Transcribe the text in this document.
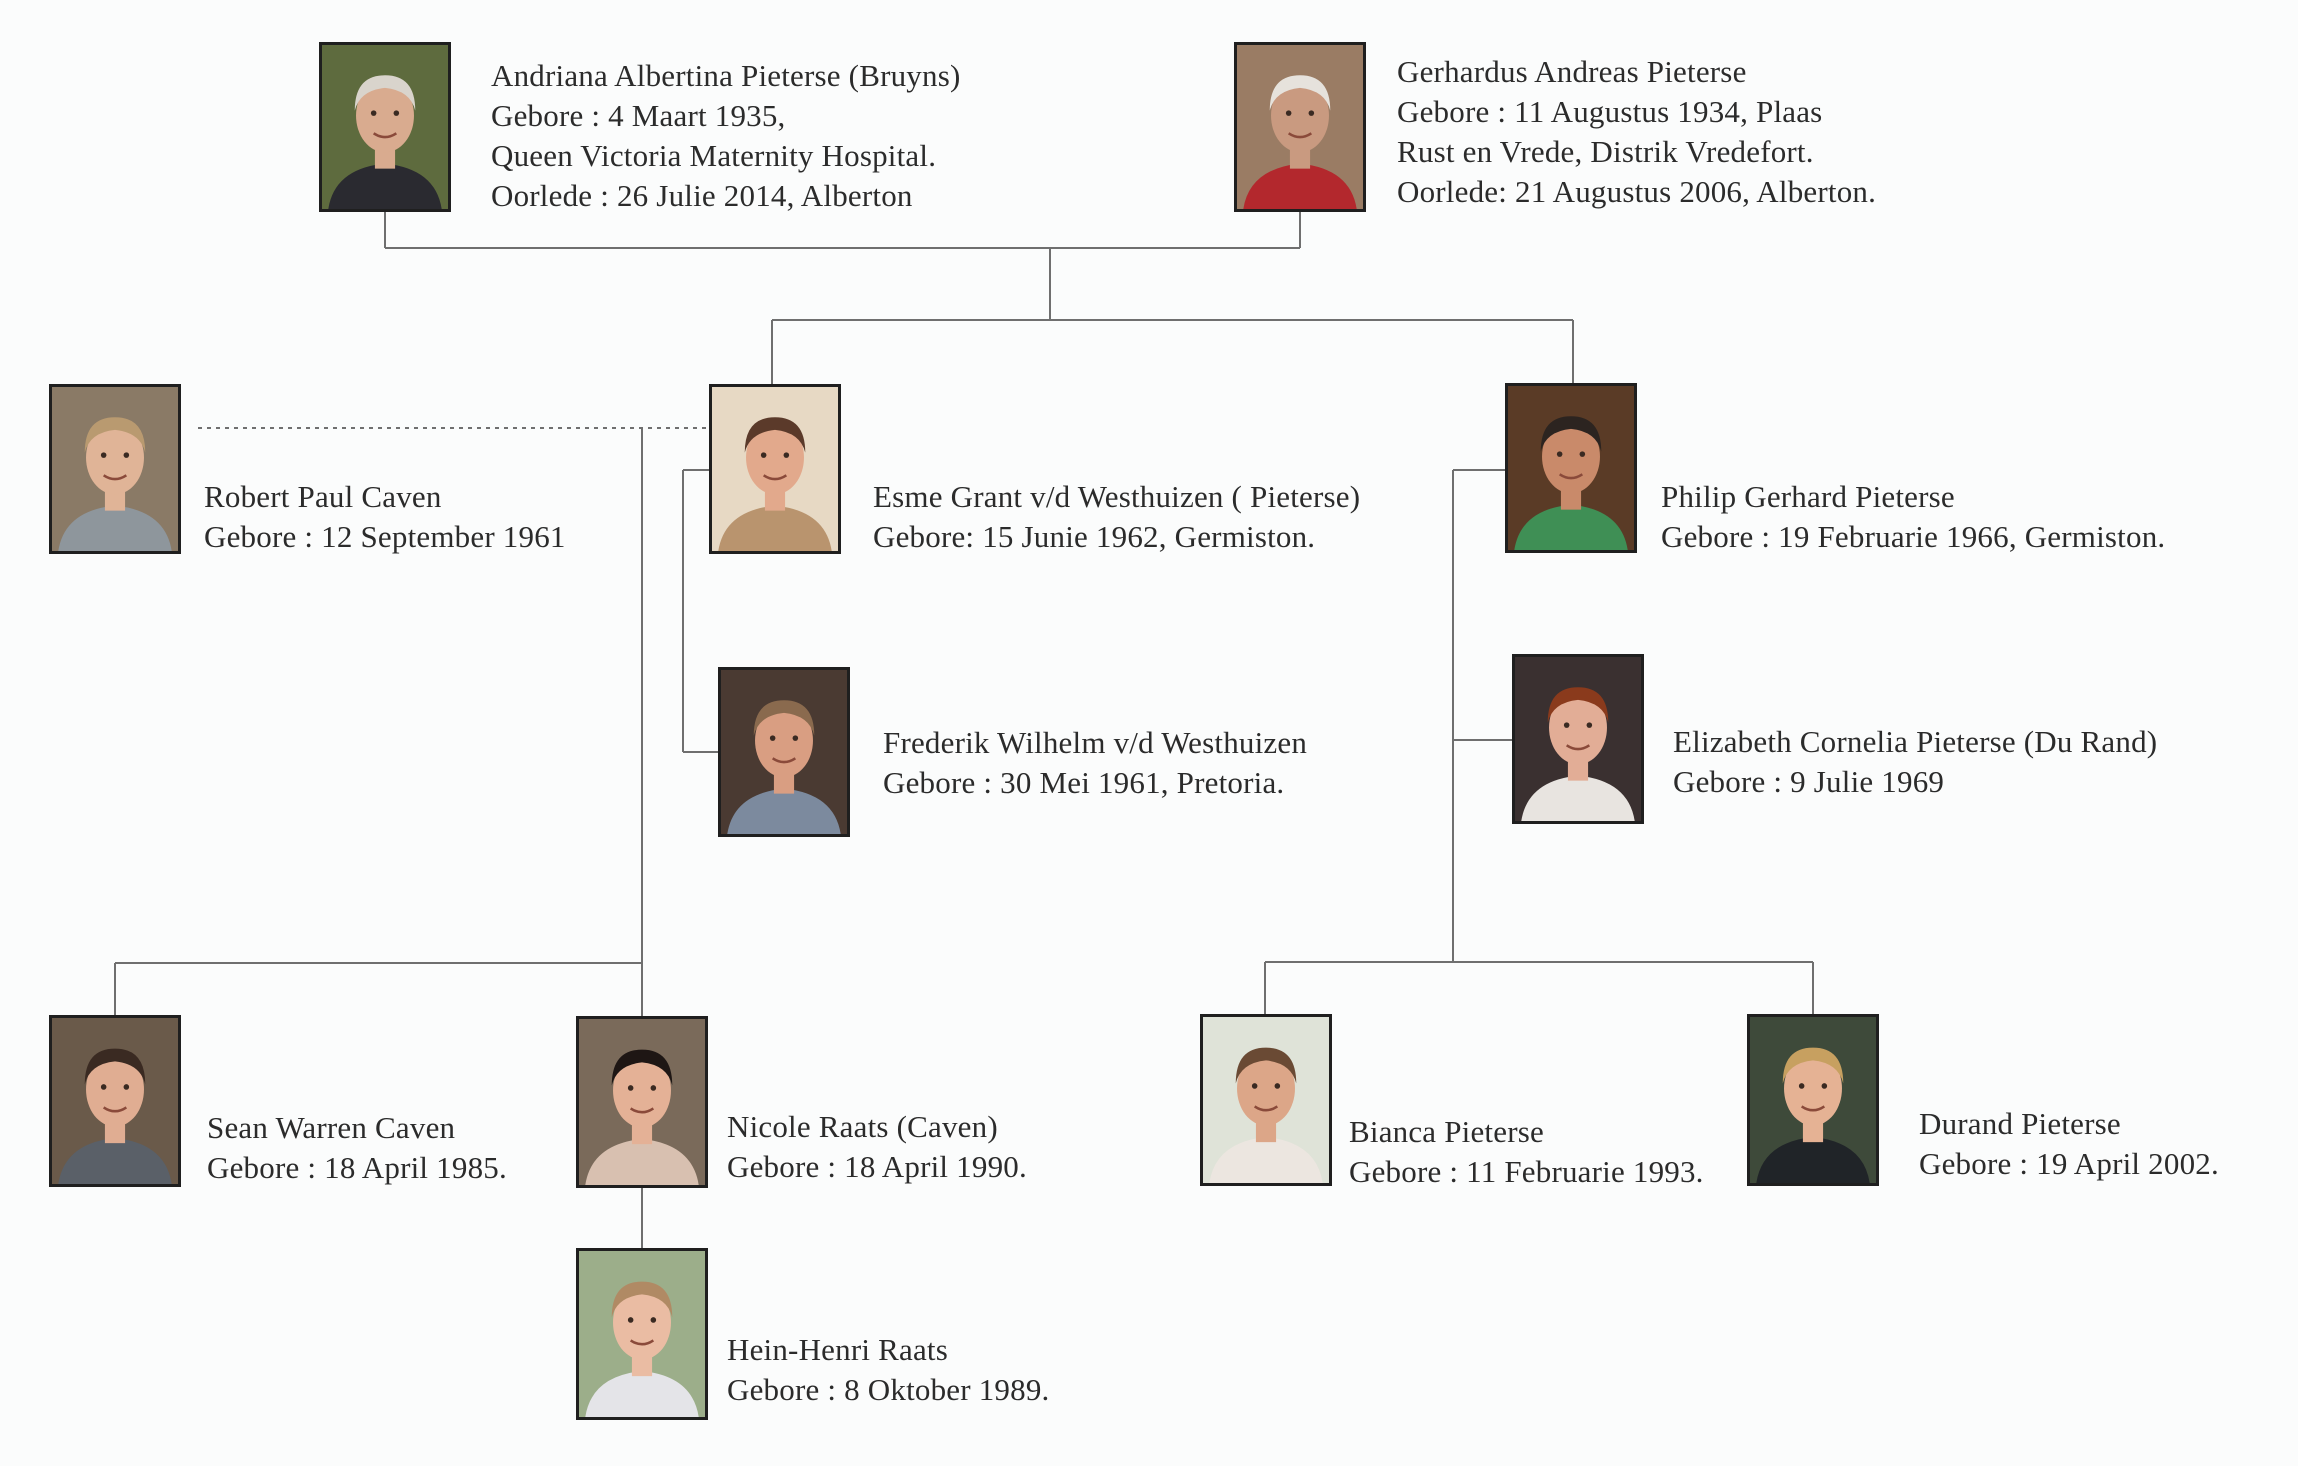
Andriana Albertina Pieterse (Bruyns)
Gebore : 4 Maart 1935,
Queen Victoria Maternity Hospital.
Oorlede : 26 Julie 2014, Alberton
Gerhardus Andreas Pieterse
Gebore : 11 Augustus 1934, Plaas
Rust en Vrede, Distrik Vredefort.
Oorlede: 21 Augustus 2006, Alberton.
Robert Paul Caven
Gebore : 12 September 1961
Esme Grant v/d Westhuizen ( Pieterse)
Gebore: 15 Junie 1962, Germiston.
Philip Gerhard Pieterse
Gebore : 19 Februarie 1966, Germiston.
Frederik Wilhelm v/d Westhuizen
Gebore : 30 Mei 1961, Pretoria.
Elizabeth Cornelia Pieterse (Du Rand)
Gebore : 9 Julie 1969
Sean Warren Caven
Gebore : 18 April 1985.
Nicole Raats (Caven)
Gebore : 18 April 1990.
Bianca Pieterse
Gebore : 11 Februarie 1993.
Durand Pieterse
Gebore : 19 April 2002.
Hein-Henri Raats
Gebore : 8 Oktober 1989.
